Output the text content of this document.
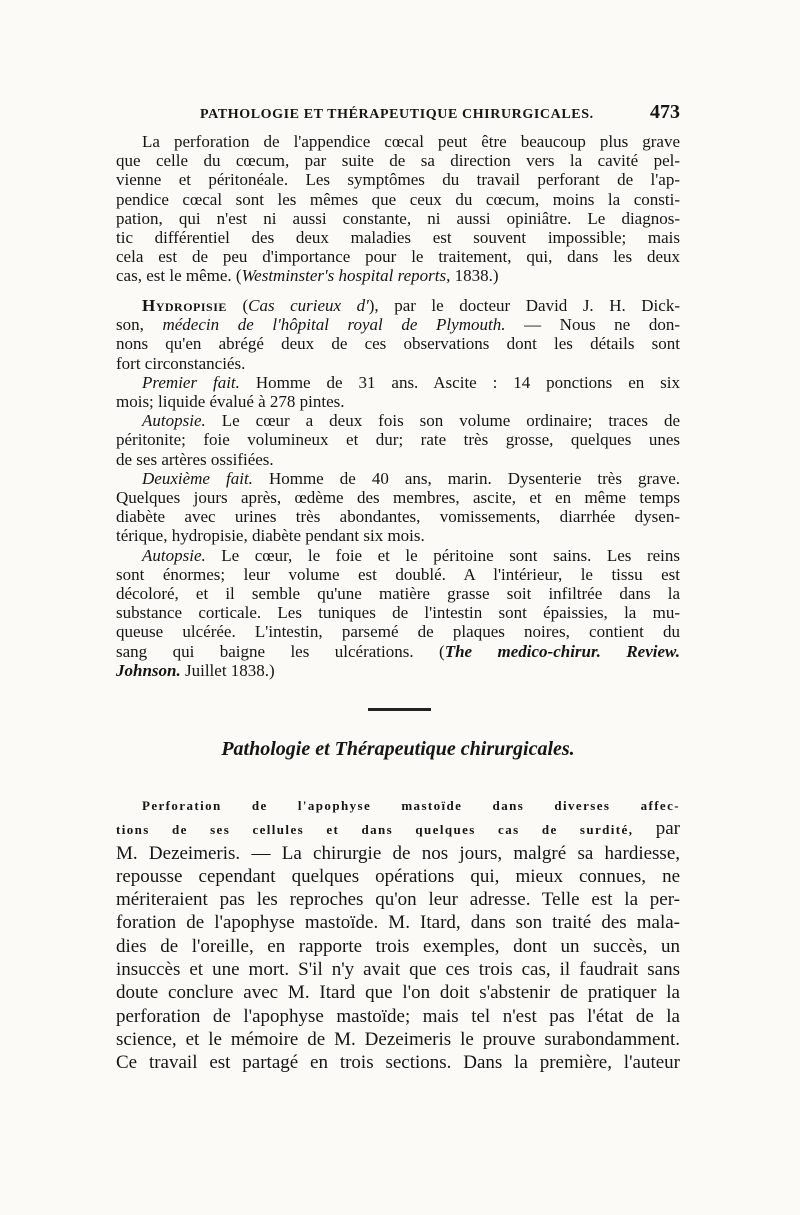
PATHOLOGIE ET THÉRAPEUTIQUE CHIRURGICALES.	473
La perforation de l'appendice cœcal peut être beaucoup plus grave
que celle du cœcum, par suite de sa direction vers la cavité pel-
vienne et péritonéale. Les symptômes du travail perforant de l'ap-
pendice cœcal sont les mêmes que ceux du cœcum, moins la consti-
pation, qui n'est ni aussi constante, ni aussi opiniâtre. Le diagnos-
tic différentiel des deux maladies est souvent impossible; mais
cela est de peu d'importance pour le traitement, qui, dans les deux
cas, est le même. (Westminster's hospital reports, 1838.)
Hydropisie (Cas curieux d'), par le docteur David J. H. Dick-
son, médecin de l'hôpital royal de Plymouth. — Nous ne don-
nons qu'en abrégé deux de ces observations dont les détails sont
fort circonstanciés.
Premier fait. Homme de 31 ans. Ascite : 14 ponctions en six
mois; liquide évalué à 278 pintes.
Autopsie. Le cœur a deux fois son volume ordinaire; traces de
péritonite; foie volumineux et dur; rate très grosse, quelques unes
de ses artères ossifiées.
Deuxième fait. Homme de 40 ans, marin. Dysenterie très grave.
Quelques jours après, œdème des membres, ascite, et en même temps
diabète avec urines très abondantes, vomissements, diarrhée dysen-
térique, hydropisie, diabète pendant six mois.
Autopsie. Le cœur, le foie et le péritoine sont sains. Les reins
sont énormes; leur volume est doublé. A l'intérieur, le tissu est
décoloré, et il semble qu'une matière grasse soit infiltrée dans la
substance corticale. Les tuniques de l'intestin sont épaissies, la mu-
queuse ulcérée. L'intestin, parsemé de plaques noires, contient du
sang qui baigne les ulcérations. (The medico-chirur. Review.
Johnson. Juillet 1838.)
Pathologie et Thérapeutique chirurgicales.
Perforation de l'apophyse mastoïde dans diverses affec-
tions de ses cellules et dans quelques cas de surdité, par
M. Dezeimeris. — La chirurgie de nos jours, malgré sa hardiesse,
repousse cependant quelques opérations qui, mieux connues, ne
mériteraient pas les reproches qu'on leur adresse. Telle est la per-
foration de l'apophyse mastoïde. M. Itard, dans son traité des mala-
dies de l'oreille, en rapporte trois exemples, dont un succès, un
insuccès et une mort. S'il n'y avait que ces trois cas, il faudrait sans
doute conclure avec M. Itard que l'on doit s'abstenir de pratiquer la
perforation de l'apophyse mastoïde; mais tel n'est pas l'état de la
science, et le mémoire de M. Dezeimeris le prouve surabondamment.
Ce travail est partagé en trois sections. Dans la première, l'auteur
